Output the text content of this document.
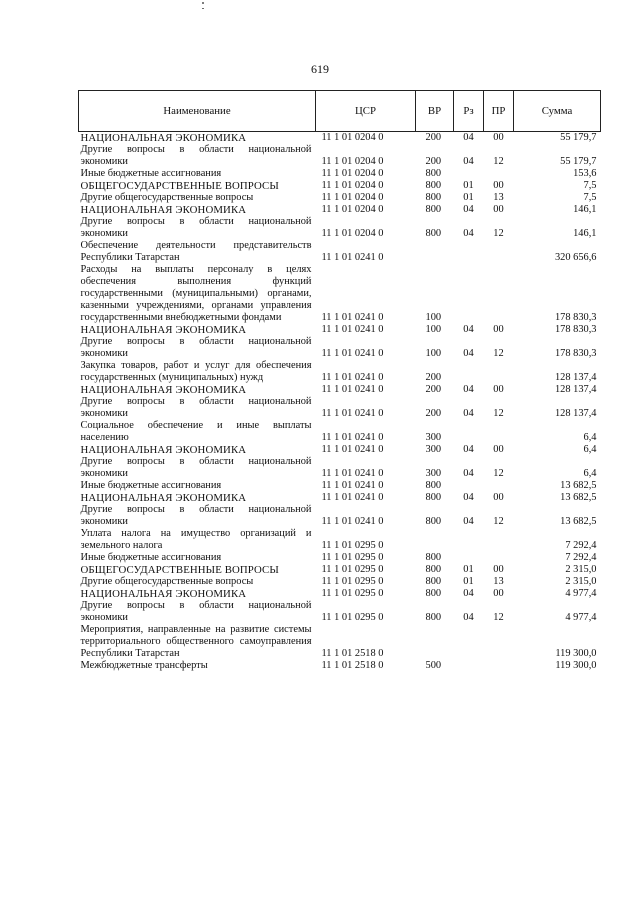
619
Наименование	ЦСР	ВР	Рз	ПР	Сумма
НАЦИОНАЛЬНАЯ ЭКОНОМИКА	11 1 01 0204 0	200	04	00	55 179,7
Другие вопросы в области национальной экономики	11 1 01 0204 0	200	04	12	55 179,7
Иные бюджетные ассигнования	11 1 01 0204 0	800			153,6
ОБЩЕГОСУДАРСТВЕННЫЕ ВОПРОСЫ	11 1 01 0204 0	800	01	00	7,5
Другие общегосударственные вопросы	11 1 01 0204 0	800	01	13	7,5
НАЦИОНАЛЬНАЯ ЭКОНОМИКА	11 1 01 0204 0	800	04	00	146,1
Другие вопросы в области национальной экономики	11 1 01 0204 0	800	04	12	146,1
Обеспечение деятельности представительств Республики Татарстан	11 1 01 0241 0				320 656,6
Расходы на выплаты персоналу в целях обеспечения выполнения функций государственными (муниципальными) органами, казенными учреждениями, органами управления государственными внебюджетными фондами	11 1 01 0241 0	100			178 830,3
НАЦИОНАЛЬНАЯ ЭКОНОМИКА	11 1 01 0241 0	100	04	00	178 830,3
Другие вопросы в области национальной экономики	11 1 01 0241 0	100	04	12	178 830,3
Закупка товаров, работ и услуг для обеспечения государственных (муниципальных) нужд	11 1 01 0241 0	200			128 137,4
НАЦИОНАЛЬНАЯ ЭКОНОМИКА	11 1 01 0241 0	200	04	00	128 137,4
Другие вопросы в области национальной экономики	11 1 01 0241 0	200	04	12	128 137,4
Социальное обеспечение и иные выплаты населению	11 1 01 0241 0	300			6,4
НАЦИОНАЛЬНАЯ ЭКОНОМИКА	11 1 01 0241 0	300	04	00	6,4
Другие вопросы в области национальной экономики	11 1 01 0241 0	300	04	12	6,4
Иные бюджетные ассигнования	11 1 01 0241 0	800			13 682,5
НАЦИОНАЛЬНАЯ ЭКОНОМИКА	11 1 01 0241 0	800	04	00	13 682,5
Другие вопросы в области национальной экономики	11 1 01 0241 0	800	04	12	13 682,5
Уплата налога на имущество организаций и земельного налога	11 1 01 0295 0				7 292,4
Иные бюджетные ассигнования	11 1 01 0295 0	800			7 292,4
ОБЩЕГОСУДАРСТВЕННЫЕ ВОПРОСЫ	11 1 01 0295 0	800	01	00	2 315,0
Другие общегосударственные вопросы	11 1 01 0295 0	800	01	13	2 315,0
НАЦИОНАЛЬНАЯ ЭКОНОМИКА	11 1 01 0295 0	800	04	00	4 977,4
Другие вопросы в области национальной экономики	11 1 01 0295 0	800	04	12	4 977,4
Мероприятия, направленные на развитие системы территориального общественного самоуправления Республики Татарстан	11 1 01 2518 0				119 300,0
Межбюджетные трансферты	11 1 01 2518 0	500			119 300,0
